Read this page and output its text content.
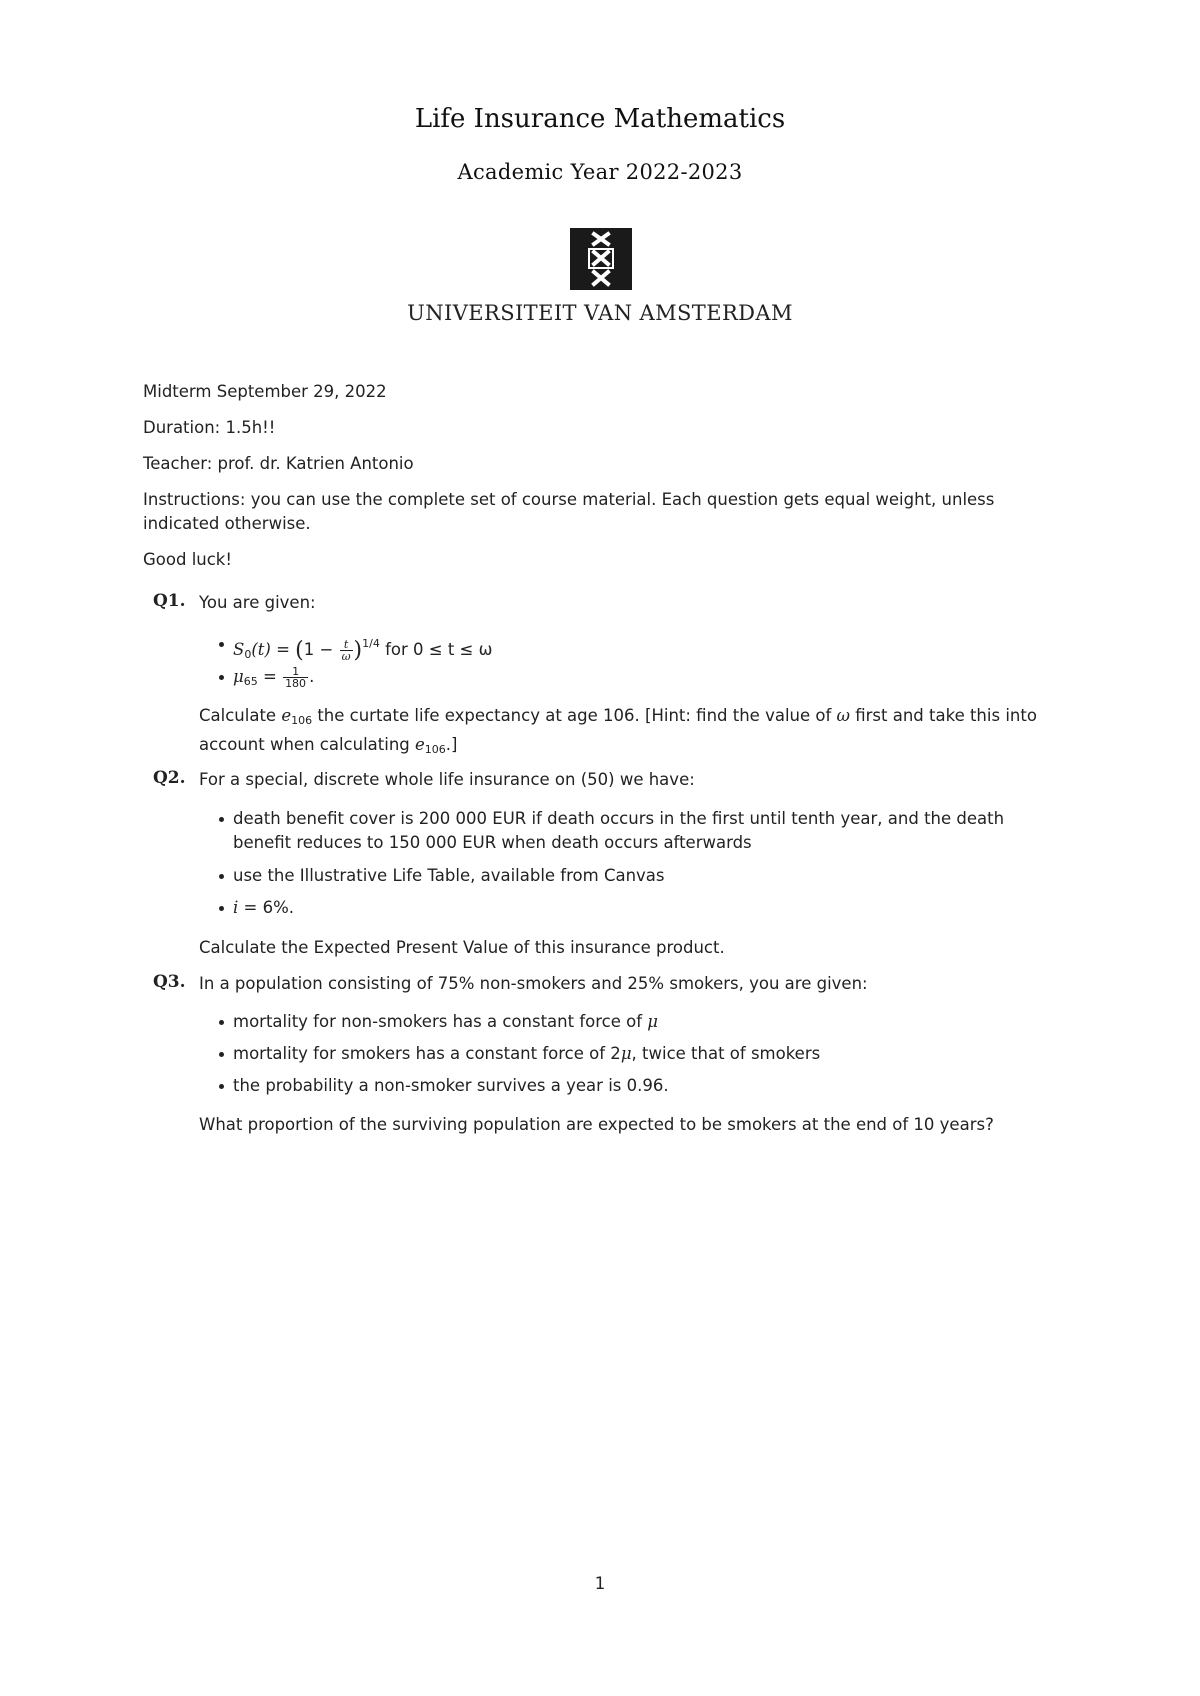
Life Insurance Mathematics
Academic Year 2022-2023
UNIVERSITEIT VAN AMSTERDAM
Midterm September 29, 2022
Duration: 1.5h!!
Teacher: prof. dr. Katrien Antonio
Instructions: you can use the complete set of course material. Each question gets equal weight, unless indicated otherwise.
Good luck!
Q1. You are given:
$S_0(t) = (1 - \frac{t}{\omega} )^{1/4}$ for 0 ≤ t ≤ ω
$\mu_{65} = \frac{1}{180}$ .
Calculate $e_{106}$ the curtate life expectancy at age 106. [Hint: find the value of ω first and take this into account when calculating $e_{106}$.]
Q2. For a special, discrete whole life insurance on (50) we have:
death benefit cover is 200 000 EUR if death occurs in the first until tenth year, and the death benefit reduces to 150 000 EUR when death occurs afterwards
use the Illustrative Life Table, available from Canvas
i = 6%.
Calculate the Expected Present Value of this insurance product.
Q3. In a population consisting of 75% non-smokers and 25% smokers, you are given:
mortality for non-smokers has a constant force of μ
mortality for smokers has a constant force of 2μ, twice that of smokers
the probability a non-smoker survives a year is 0.96.
What proportion of the surviving population are expected to be smokers at the end of 10 years?
1
